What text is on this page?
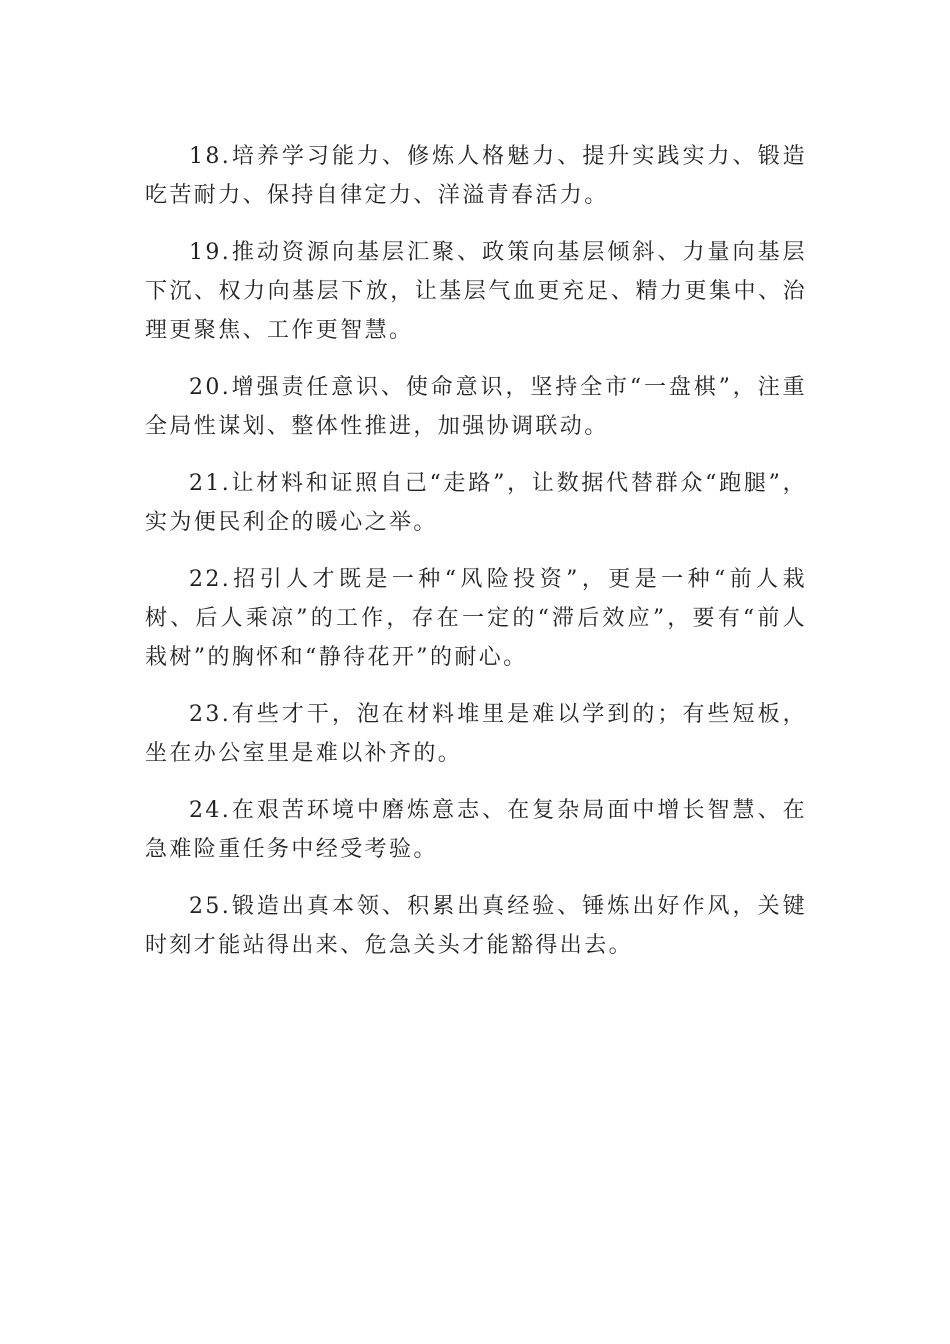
18.培养学习能力、修炼人格魅力、提升实践实力、锻造吃苦耐力、保持自律定力、洋溢青春活力。

19.推动资源向基层汇聚、政策向基层倾斜、力量向基层下沉、权力向基层下放，让基层气血更充足、精力更集中、治理更聚焦、工作更智慧。

20.增强责任意识、使命意识，坚持全市“一盘棋”，注重全局性谋划、整体性推进，加强协调联动。

21.让材料和证照自己“走路”，让数据代替群众“跑腿”，实为便民利企的暖心之举。

22.招引人才既是一种“风险投资”，更是一种“前人栽树、后人乘凉”的工作，存在一定的“滞后效应”，要有“前人栽树”的胸怀和“静待花开”的耐心。

23.有些才干，泡在材料堆里是难以学到的；有些短板，坐在办公室里是难以补齐的。

24.在艰苦环境中磨炼意志、在复杂局面中增长智慧、在急难险重任务中经受考验。

25.锻造出真本领、积累出真经验、锤炼出好作风，关键时刻才能站得出来、危急关头才能豁得出去。
